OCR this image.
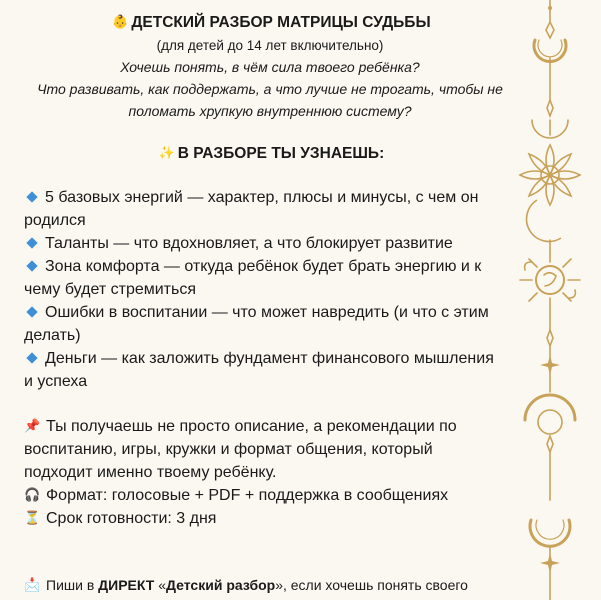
👶 ДЕТСКИЙ РАЗБОР МАТРИЦЫ СУДЬБЫ
(для детей до 14 лет включительно)
Хочешь понять, в чём сила твоего ребёнка?
Что развивать, как поддержать, а что лучше не трогать, чтобы не
поломать хрупкую внутреннюю систему?
✨ В РАЗБОРЕ ТЫ УЗНАЕШЬ:
5 базовых энергий — характер, плюсы и минусы, с чем он
родился
Таланты — что вдохновляет, а что блокирует развитие
Зона комфорта — откуда ребёнок будет брать энергию и к
чему будет стремиться
Ошибки в воспитании — что может навредить (и что с этим
делать)
Деньги — как заложить фундамент финансового мышления
и успеха
📌 Ты получаешь не просто описание, а рекомендации по
воспитанию, игры, кружки и формат общения, который
подходит именно твоему ребёнку.
🎧 Формат: голосовые + PDF + поддержка в сообщениях
⏳ Срок готовности: 3 дня
📩 Пиши в ДИРЕКТ «Детский разбор», если хочешь понять своего
